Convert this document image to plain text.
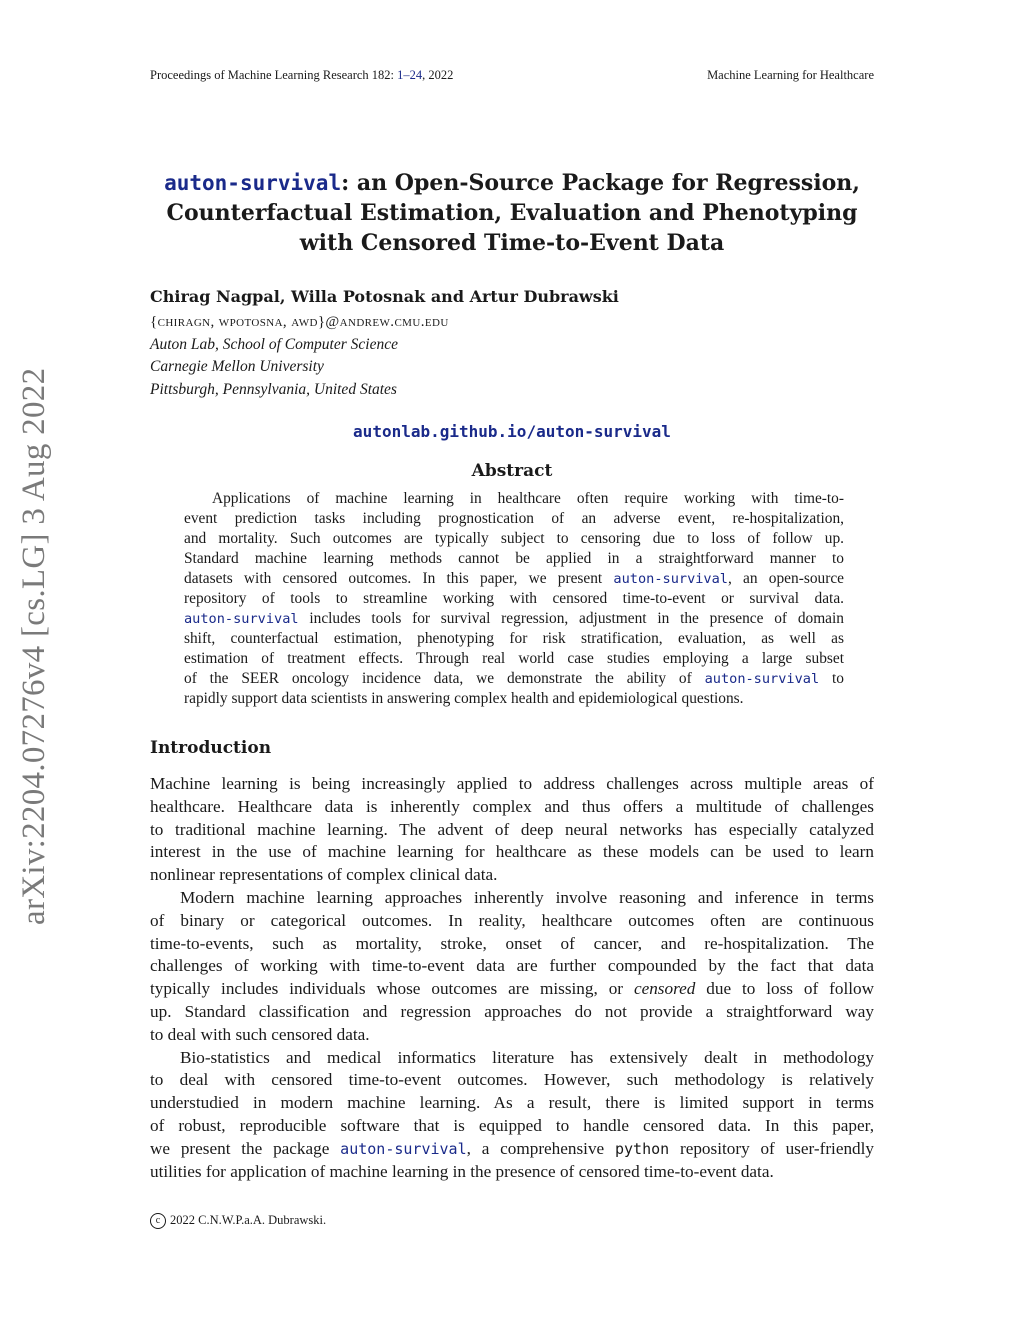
Proceedings of Machine Learning Research 182: 1–24, 2022	Machine Learning for Healthcare
arXiv:2204.07276v4 [cs.LG] 3 Aug 2022
auton-survival: an Open-Source Package for Regression,
Counterfactual Estimation, Evaluation and Phenotyping
with Censored Time-to-Event Data
Chirag Nagpal, Willa Potosnak and Artur Dubrawski
{chiragn, wpotosna, awd}@andrew.cmu.edu
Auton Lab, School of Computer Science
Carnegie Mellon University
Pittsburgh, Pennsylvania, United States
autonlab.github.io/auton-survival
Abstract
Applications of machine learning in healthcare often require working with time-to-
event prediction tasks including prognostication of an adverse event, re-hospitalization,
and mortality. Such outcomes are typically subject to censoring due to loss of follow up.
Standard machine learning methods cannot be applied in a straightforward manner to
datasets with censored outcomes. In this paper, we present auton-survival, an open-source
repository of tools to streamline working with censored time-to-event or survival data.
auton-survival includes tools for survival regression, adjustment in the presence of domain
shift, counterfactual estimation, phenotyping for risk stratification, evaluation, as well as
estimation of treatment effects. Through real world case studies employing a large subset
of the SEER oncology incidence data, we demonstrate the ability of auton-survival to
rapidly support data scientists in answering complex health and epidemiological questions.
Introduction
Machine learning is being increasingly applied to address challenges across multiple areas of
healthcare. Healthcare data is inherently complex and thus offers a multitude of challenges
to traditional machine learning. The advent of deep neural networks has especially catalyzed
interest in the use of machine learning for healthcare as these models can be used to learn
nonlinear representations of complex clinical data.
Modern machine learning approaches inherently involve reasoning and inference in terms
of binary or categorical outcomes. In reality, healthcare outcomes often are continuous
time-to-events, such as mortality, stroke, onset of cancer, and re-hospitalization. The
challenges of working with time-to-event data are further compounded by the fact that data
typically includes individuals whose outcomes are missing, or censored due to loss of follow
up. Standard classification and regression approaches do not provide a straightforward way
to deal with such censored data.
Bio-statistics and medical informatics literature has extensively dealt in methodology
to deal with censored time-to-event outcomes. However, such methodology is relatively
understudied in modern machine learning. As a result, there is limited support in terms
of robust, reproducible software that is equipped to handle censored data. In this paper,
we present the package auton-survival, a comprehensive python repository of user-friendly
utilities for application of machine learning in the presence of censored time-to-event data.
c 2022 C.N.W.P.a.A. Dubrawski.
